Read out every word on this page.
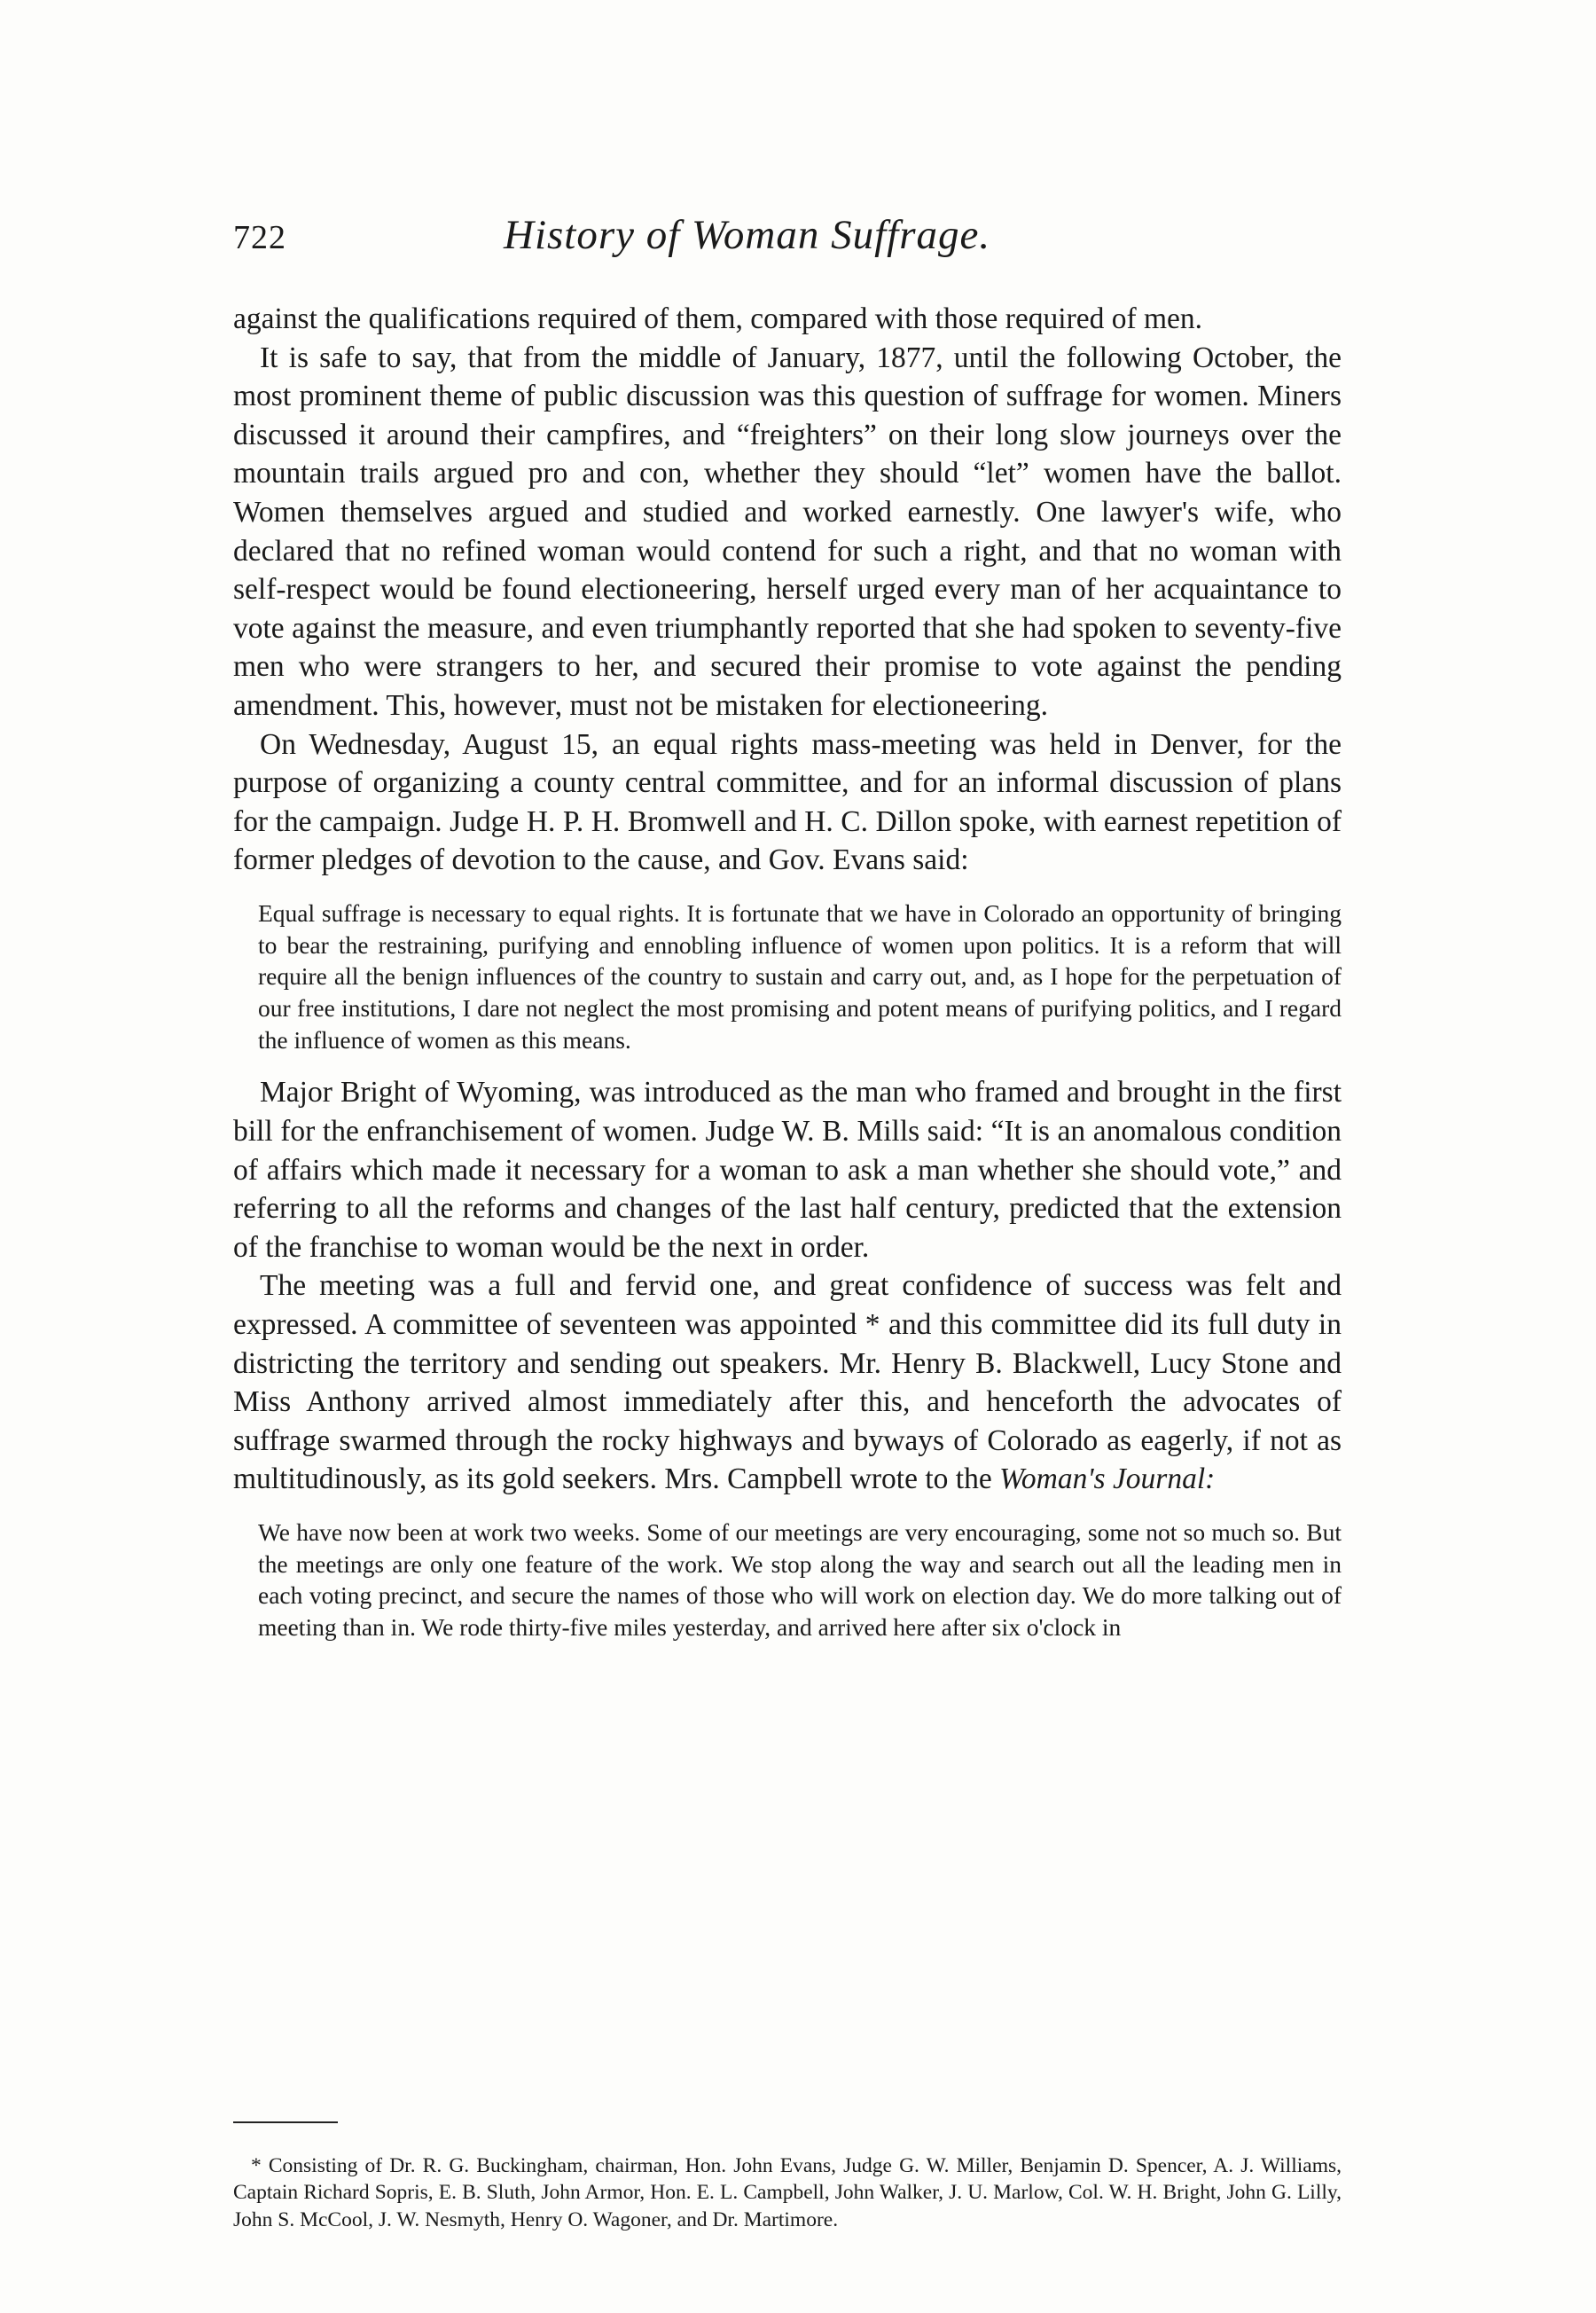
722	History of Woman Suffrage.

against the qualifications required of them, compared with those required of men.

It is safe to say, that from the middle of January, 1877, until the following October, the most prominent theme of public discussion was this question of suffrage for women. Miners discussed it around their campfires, and “freighters” on their long slow journeys over the mountain trails argued pro and con, whether they should “let” women have the ballot. Women themselves argued and studied and worked earnestly. One lawyer's wife, who declared that no refined woman would contend for such a right, and that no woman with self-respect would be found electioneering, herself urged every man of her acquaintance to vote against the measure, and even triumphantly reported that she had spoken to seventy-five men who were strangers to her, and secured their promise to vote against the pending amendment. This, however, must not be mistaken for electioneering.

On Wednesday, August 15, an equal rights mass-meeting was held in Denver, for the purpose of organizing a county central committee, and for an informal discussion of plans for the campaign. Judge H. P. H. Bromwell and H. C. Dillon spoke, with earnest repetition of former pledges of devotion to the cause, and Gov. Evans said:

Equal suffrage is necessary to equal rights. It is fortunate that we have in Colorado an opportunity of bringing to bear the restraining, purifying and ennobling influence of women upon politics. It is a reform that will require all the benign influences of the country to sustain and carry out, and, as I hope for the perpetuation of our free institutions, I dare not neglect the most promising and potent means of purifying politics, and I regard the influence of women as this means.

Major Bright of Wyoming, was introduced as the man who framed and brought in the first bill for the enfranchisement of women. Judge W. B. Mills said: “It is an anomalous condition of affairs which made it necessary for a woman to ask a man whether she should vote,” and referring to all the reforms and changes of the last half century, predicted that the extension of the franchise to woman would be the next in order.

The meeting was a full and fervid one, and great confidence of success was felt and expressed. A committee of seventeen was appointed * and this committee did its full duty in districting the territory and sending out speakers. Mr. Henry B. Blackwell, Lucy Stone and Miss Anthony arrived almost immediately after this, and henceforth the advocates of suffrage swarmed through the rocky highways and byways of Colorado as eagerly, if not as multitudinously, as its gold seekers. Mrs. Campbell wrote to the Woman's Journal:

We have now been at work two weeks. Some of our meetings are very encouraging, some not so much so. But the meetings are only one feature of the work. We stop along the way and search out all the leading men in each voting precinct, and secure the names of those who will work on election day. We do more talking out of meeting than in. We rode thirty-five miles yesterday, and arrived here after six o'clock in

* Consisting of Dr. R. G. Buckingham, chairman, Hon. John Evans, Judge G. W. Miller, Benjamin D. Spencer, A. J. Williams, Captain Richard Sopris, E. B. Sluth, John Armor, Hon. E. L. Campbell, John Walker, J. U. Marlow, Col. W. H. Bright, John G. Lilly, John S. McCool, J. W. Nesmyth, Henry O. Wagoner, and Dr. Martimore.
